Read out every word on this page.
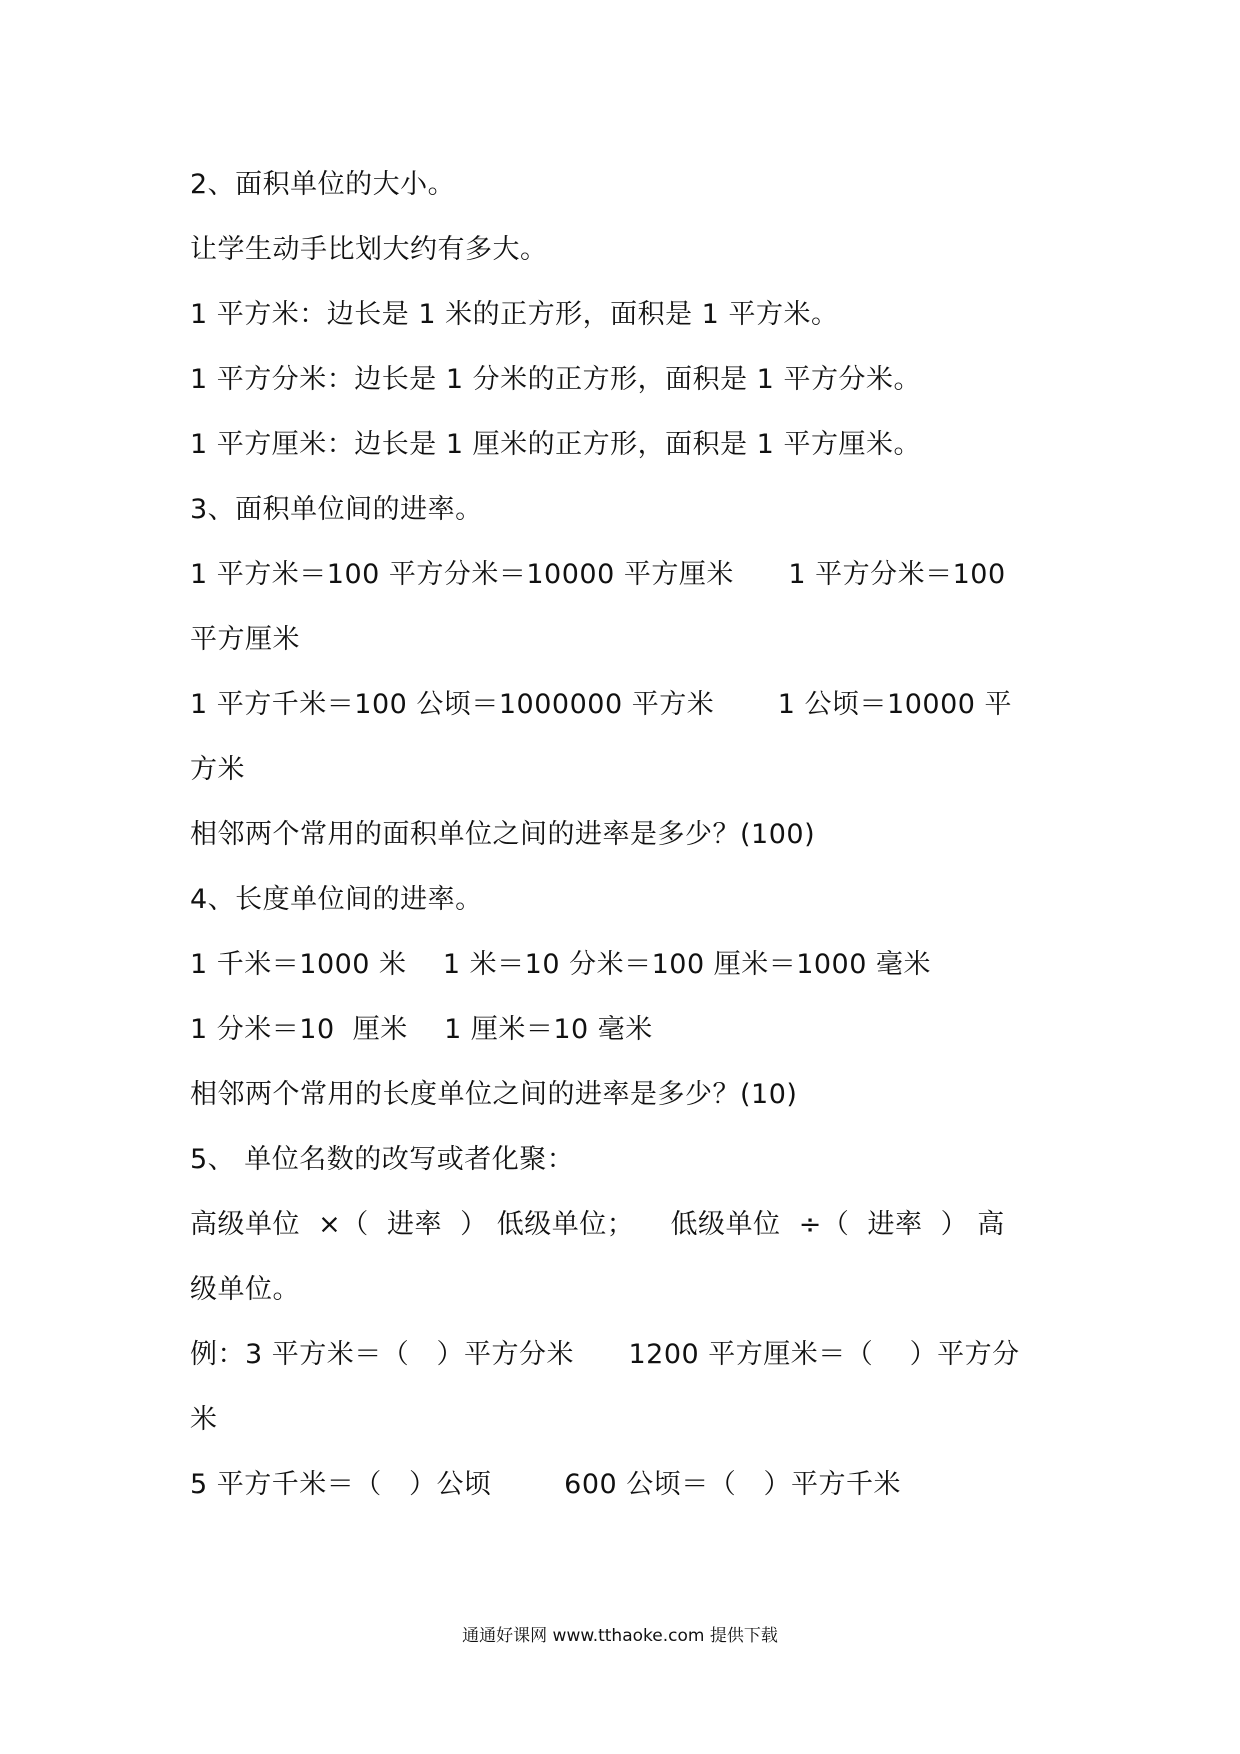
2、面积单位的大小。
让学生动手比划大约有多大。
1 平方米：边长是 1 米的正方形，面积是 1 平方米。
1 平方分米：边长是 1 分米的正方形，面积是 1 平方分米。
1 平方厘米：边长是 1 厘米的正方形，面积是 1 平方厘米。
3、面积单位间的进率。
1 平方米＝100 平方分米＝10000 平方厘米      1 平方分米＝100
平方厘米
1 平方千米＝100 公顷＝1000000 平方米       1 公顷＝10000 平
方米
相邻两个常用的面积单位之间的进率是多少？(100)
4、长度单位间的进率。
1 千米＝1000 米    1 米＝10 分米＝100 厘米＝1000 毫米
1 分米＝10  厘米    1 厘米＝10 毫米
相邻两个常用的长度单位之间的进率是多少？(10)
5、 单位名数的改写或者化聚：
高级单位  ×（  进率  ） 低级单位；    低级单位  ÷（  进率  ） 高
级单位。
例：3 平方米＝（   ）平方分米      1200 平方厘米＝（    ）平方分
米
5 平方千米＝（   ）公顷        600 公顷＝（   ）平方千米
通通好课网 www.tthaoke.com 提供下载
